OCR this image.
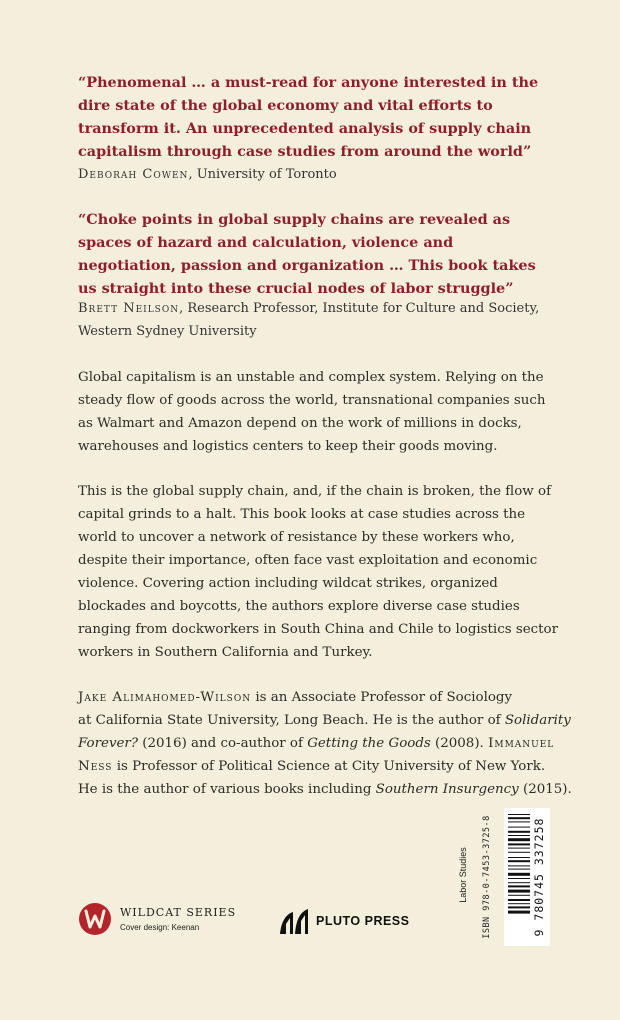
“Phenomenal … a must-read for anyone interested in the dire state of the global economy and vital efforts to transform it. An unprecedented analysis of supply chain capitalism through case studies from around the world”

Deborah Cowen, University of Toronto

“Choke points in global supply chains are revealed as spaces of hazard and calculation, violence and negotiation, passion and organization … This book takes us straight into these crucial nodes of labor struggle”

Brett Neilson, Research Professor, Institute for Culture and Society, Western Sydney University

Global capitalism is an unstable and complex system. Relying on the steady flow of goods across the world, transnational companies such as Walmart and Amazon depend on the work of millions in docks, warehouses and logistics centers to keep their goods moving.

This is the global supply chain, and, if the chain is broken, the flow of capital grinds to a halt. This book looks at case studies across the world to uncover a network of resistance by these workers who, despite their importance, often face vast exploitation and economic violence. Covering action including wildcat strikes, organized blockades and boycotts, the authors explore diverse case studies ranging from dockworkers in South China and Chile to logistics sector workers in Southern California and Turkey.

Jake Alimahomed-Wilson is an Associate Professor of Sociology
at California State University, Long Beach. He is the author of Solidarity
Forever? (2016) and co-author of Getting the Goods (2008). Immanuel
Ness is Professor of Political Science at City University of New York.
He is the author of various books including Southern Insurgency (2015).

WILDCAT SERIES
Cover design: Keenan	PLUTO PRESS
Labor Studies ISBN 978-0-7453-3725-8	9 780745 337258
